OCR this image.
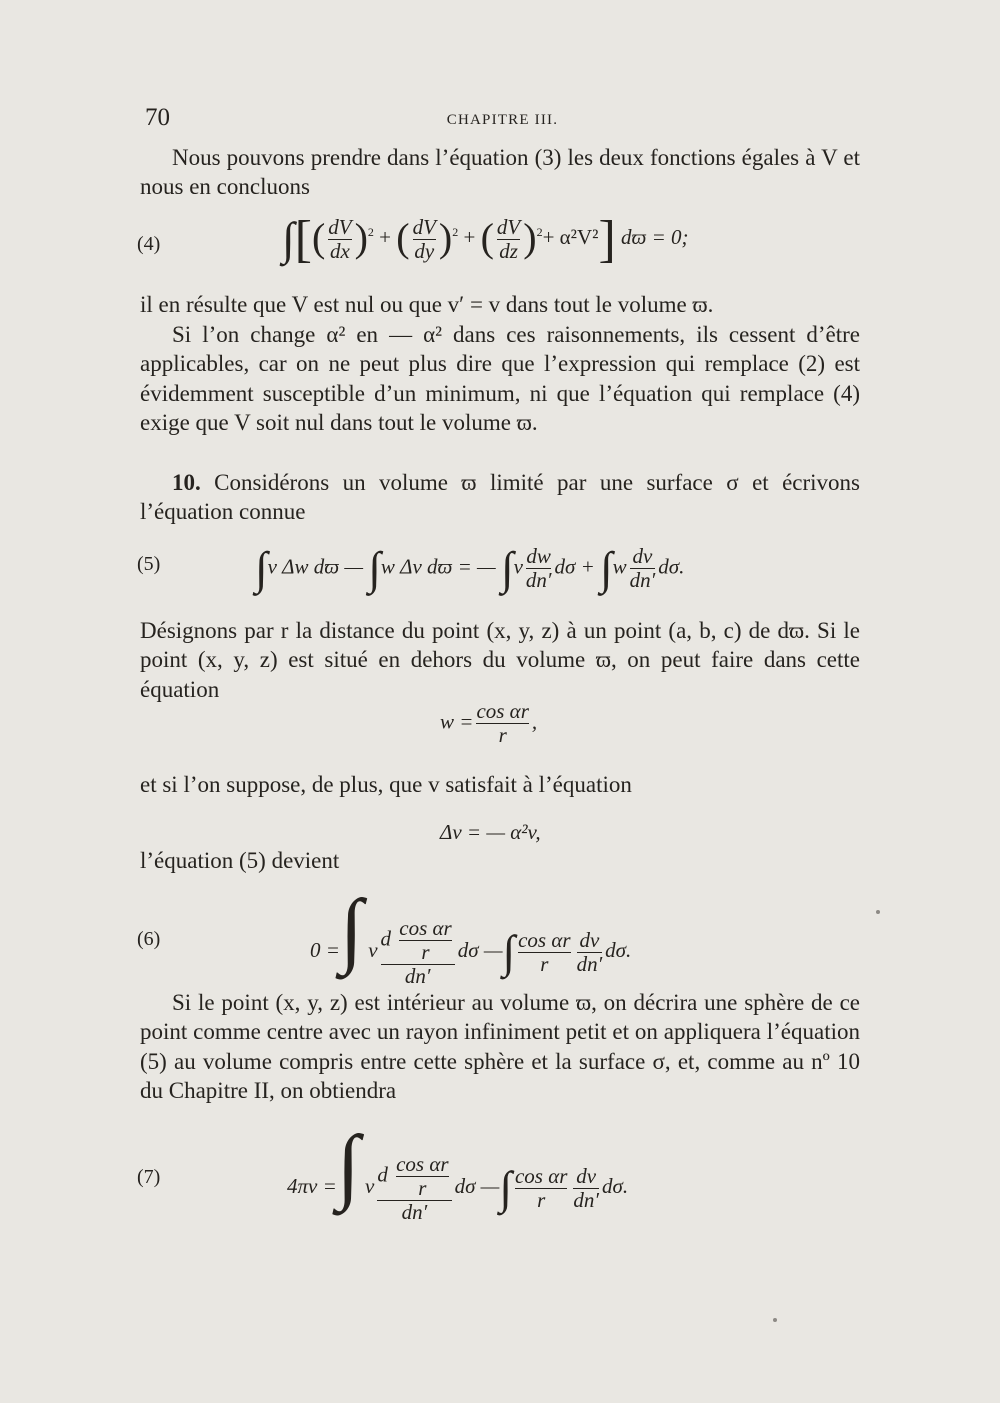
70	CHAPITRE III.

Nous pouvons prendre dans l’équation (3) les deux fonctions égales à V et nous en concluons

(4)	∫[( $\frac{dV}{dx} )^2$ + ( $\frac{dV}{dy} )^2$ + ( $\frac{dV}{dz} )^2+ \alpha^2V^2$] dϖ = 0;

il en résulte que V est nul ou que v′ = v dans tout le volume ϖ.

Si l’on change α² en — α² dans ces raisonnements, ils cessent d’être applicables, car on ne peut plus dire que l’expression qui remplace (2) est évidemment susceptible d’un minimum, ni que l’équation qui remplace (4) exige que V soit nul dans tout le volume ϖ.

10. Considérons un volume ϖ limité par une surface σ et écrivons l’équation connue

(5) ∫v Δw dϖ — ∫w Δv dϖ = — $\int v \frac{dw}{dn'}$ $d\sigma + \int w \frac{dv}{dn'} d\sigma$.

Désignons par r la distance du point (x, y, z) à un point (a, b, c) de dϖ. Si le point (x, y, z) est situé en dehors du volume ϖ, on peut faire dans cette équation

$w = \frac{\text{cos αr}}{r}$ ,

et si l’on suppose, de plus, que v satisfait à l’équation

Δv = — α²v,

l’équation (5) devient

(6)	0 =∫ v $\frac{d \frac{\text{cos αr}}{r}}{dn'}$ dσ —∫ $\frac{\text{cos αr}}{r} \frac{dv}{dn'} d\sigma$.

Si le point (x, y, z) est intérieur au volume ϖ, on décrira une sphère de ce point comme centre avec un rayon infiniment petit et on appliquera l’équation (5) au volume compris entre cette sphère et la surface σ, et, comme au nº 10 du Chapitre II, on obtiendra

(7)	4πv =∫ v $\frac{d \frac{\text{cos αr}}{r}}{dn'}$ dσ —∫ $\frac{\text{cos αr}}{r} \frac{dv}{dn'} d\sigma$.
